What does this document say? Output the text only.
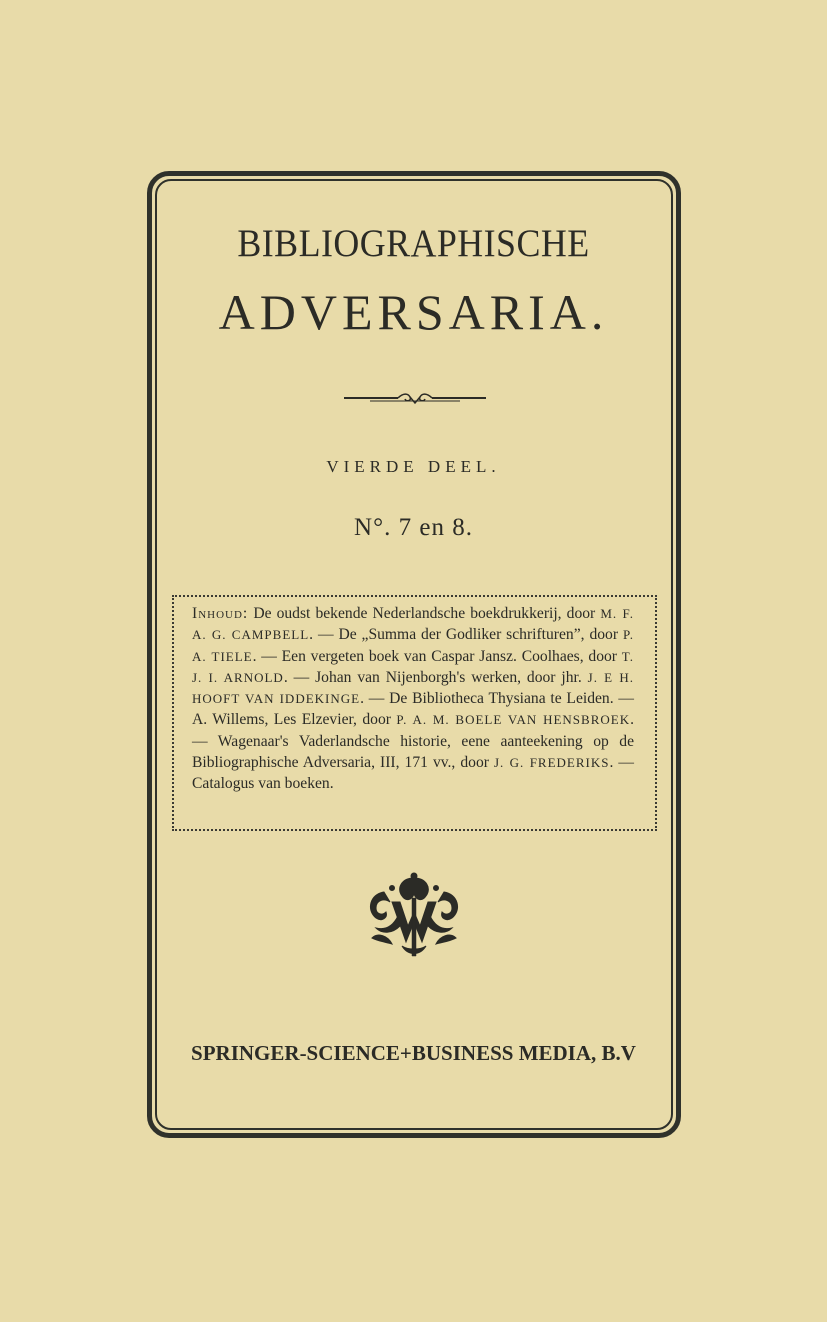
BIBLIOGRAPHISCHE
ADVERSARIA.
VIERDE DEEL.
N°. 7 en 8.
Inhoud: De oudst bekende Nederlandsche boekdrukkerij, door M. F. A. G. CAMPBELL. — De „Summa der Godliker schrifturen”, door P. A. TIELE. — Een vergeten boek van Caspar Jansz. Coolhaes, door T. J. I. ARNOLD. — Johan van Nijenborgh's werken, door jhr. J. E H. HOOFT VAN IDDEKINGE. — De Bibliotheca Thysiana te Leiden. — A. Willems, Les Elzevier, door P. A. M. BOELE VAN HENSBROEK. — Wagenaar's Vaderlandsche historie, eene aanteekening op de Bibliographische Adversaria, III, 171 vv., door J. G. FREDERIKS. — Catalogus van boeken.
SPRINGER-SCIENCE+BUSINESS MEDIA, B.V
